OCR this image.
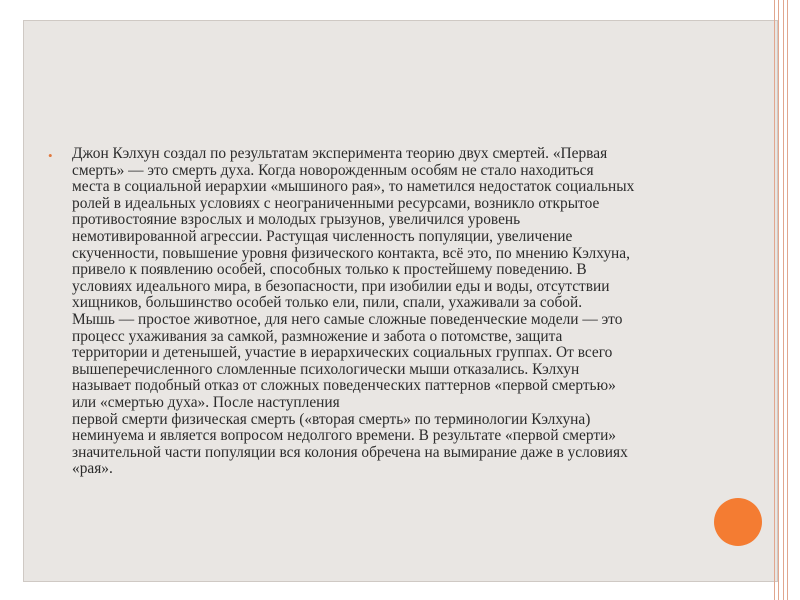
• Джон Кэлхун создал по результатам эксперимента теорию двух смертей. «Первая
смерть» — это смерть духа. Когда новорожденным особям не стало находиться
места в социальной иерархии «мышиного рая», то наметился недостаток социальных
ролей в идеальных условиях с неограниченными ресурсами, возникло открытое
противостояние взрослых и молодых грызунов, увеличился уровень
немотивированной агрессии. Растущая численность популяции, увеличение
скученности, повышение уровня физического контакта, всё это, по мнению Кэлхуна,
привело к появлению особей, способных только к простейшему поведению. В
условиях идеального мира, в безопасности, при изобилии еды и воды, отсутствии
хищников, большинство особей только ели, пили, спали, ухаживали за собой.
Мышь — простое животное, для него самые сложные поведенческие модели — это
процесс ухаживания за самкой, размножение и забота о потомстве, защита
территории и детенышей, участие в иерархических социальных группах. От всего
вышеперечисленного сломленные психологически мыши отказались. Кэлхун
называет подобный отказ от сложных поведенческих паттернов «первой смертью»
или «смертью духа». После наступления
первой смерти физическая смерть («вторая смерть» по терминологии Кэлхуна)
неминуема и является вопросом недолгого времени. В результате «первой смерти»
значительной части популяции вся колония обречена на вымирание даже в условиях
«рая».
